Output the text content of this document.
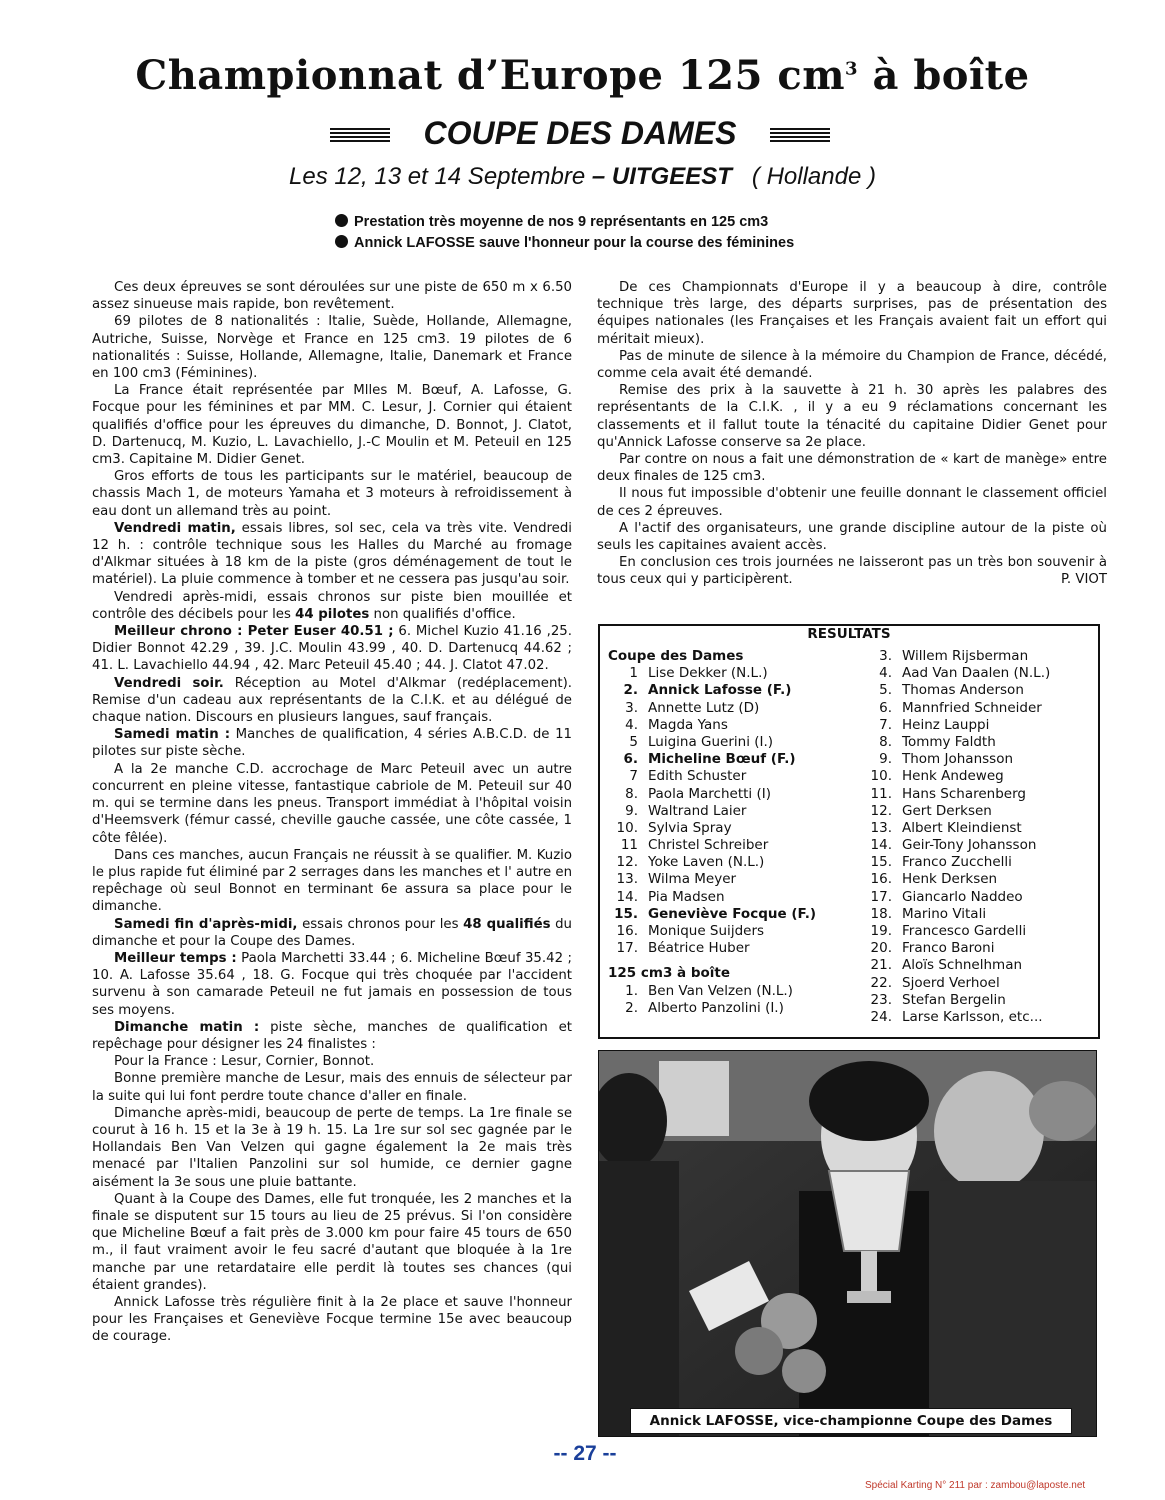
Championnat d’Europe 125 $cm^3$ à boîte
COUPE DES DAMES
Les 12, 13 et 14 Septembre – UITGEEST ( Hollande )
Prestation très moyenne de nos 9 représentants en 125 cm3
Annick LAFOSSE sauve l'honneur pour la course des féminines

Ces deux épreuves se sont déroulées sur une piste de 650 m x 6.50 assez sinueuse mais rapide, bon revêtement.

69 pilotes de 8 nationalités : Italie, Suède, Hollande, Allemagne, Autriche, Suisse, Norvège et France en 125 cm3. 19 pilotes de 6 nationalités : Suisse, Hollande, Allemagne, Italie, Danemark et France en 100 cm3 (Féminines).

La France était représentée par Mlles M. Bœuf, A. Lafosse, G. Focque pour les féminines et par MM. C. Lesur, J. Cornier qui étaient qualifiés d'office pour les épreuves du dimanche, D. Bonnot, J. Clatot, D. Dartenucq, M. Kuzio, L. Lavachiello, J.-C Moulin et M. Peteuil en 125 cm3. Capitaine M. Didier Genet.

Gros efforts de tous les participants sur le matériel, beaucoup de chassis Mach 1, de moteurs Yamaha et 3 moteurs à refroidissement à eau dont un allemand très au point.

Vendredi matin, essais libres, sol sec, cela va très vite. Vendredi 12 h. : contrôle technique sous les Halles du Marché au fromage d'Alkmar situées à 18 km de la piste (gros déménagement de tout le matériel). La pluie commence à tomber et ne cessera pas jusqu'au soir.

Vendredi après-midi, essais chronos sur piste bien mouillée et contrôle des décibels pour les 44 pilotes non qualifiés d'office.

Meilleur chrono : Peter Euser 40.51 ; 6. Michel Kuzio 41.16 ,25. Didier Bonnot 42.29 , 39. J.C. Moulin 43.99 , 40. D. Dartenucq 44.62 ; 41. L. Lavachiello 44.94 , 42. Marc Peteuil 45.40 ; 44. J. Clatot 47.02.

Vendredi soir. Réception au Motel d'Alkmar (redéplacement). Remise d'un cadeau aux représentants de la C.I.K. et au délégué de chaque nation. Discours en plusieurs langues, sauf français.

Samedi matin : Manches de qualification, 4 séries A.B.C.D. de 11 pilotes sur piste sèche.

A la 2e manche C.D. accrochage de Marc Peteuil avec un autre concurrent en pleine vitesse, fantastique cabriole de M. Peteuil sur 40 m. qui se termine dans les pneus. Transport immédiat à l'hôpital voisin d'Heemsverk (fémur cassé, cheville gauche cassée, une côte cassée, 1 côte fêlée).

Dans ces manches, aucun Français ne réussit à se qualifier. M. Kuzio le plus rapide fut éliminé par 2 serrages dans les manches et l' autre en repêchage où seul Bonnot en terminant 6e assura sa place pour le dimanche.

Samedi fin d'après-midi, essais chronos pour les 48 qualifiés du dimanche et pour la Coupe des Dames.

Meilleur temps : Paola Marchetti 33.44 ; 6. Micheline Bœuf 35.42 ; 10. A. Lafosse 35.64 , 18. G. Focque qui très choquée par l'accident survenu à son camarade Peteuil ne fut jamais en possession de tous ses moyens.

Dimanche matin : piste sèche, manches de qualification et repêchage pour désigner les 24 finalistes :

Pour la France : Lesur, Cornier, Bonnot.

Bonne première manche de Lesur, mais des ennuis de sélecteur par la suite qui lui font perdre toute chance d'aller en finale.

Dimanche après-midi, beaucoup de perte de temps. La 1re finale se courut à 16 h. 15 et la 3e à 19 h. 15. La 1re sur sol sec gagnée par le Hollandais Ben Van Velzen qui gagne également la 2e mais très menacé par l'Italien Panzolini sur sol humide, ce dernier gagne aisément la 3e sous une pluie battante.

Quant à la Coupe des Dames, elle fut tronquée, les 2 manches et la finale se disputent sur 15 tours au lieu de 25 prévus. Si l'on considère que Micheline Bœuf a fait près de 3.000 km pour faire 45 tours de 650 m., il faut vraiment avoir le feu sacré d'autant que bloquée à la 1re manche par une retardataire elle perdit là toutes ses chances (qui étaient grandes).

Annick Lafosse très régulière finit à la 2e place et sauve l'honneur pour les Françaises et Geneviève Focque termine 15e avec beaucoup de courage.

De ces Championnats d'Europe il y a beaucoup à dire, contrôle technique très large, des départs surprises, pas de présentation des équipes nationales (les Françaises et les Français avaient fait un effort qui méritait mieux).

Pas de minute de silence à la mémoire du Champion de France, décédé, comme cela avait été demandé.

Remise des prix à la sauvette à 21 h. 30 après les palabres des représentants de la C.I.K. , il y a eu 9 réclamations concernant les classements et il fallut toute la ténacité du capitaine Didier Genet pour qu'Annick Lafosse conserve sa 2e place.

Par contre on nous a fait une démonstration de « kart de manège» entre deux finales de 125 cm3.

Il nous fut impossible d'obtenir une feuille donnant le classement officiel de ces 2 épreuves.

A l'actif des organisateurs, une grande discipline autour de la piste où seuls les capitaines avaient accès.

En conclusion ces trois journées ne laisseront pas un très bon souvenir à tous ceux qui y participèrent.	P. VIOT

RESULTATS
Coupe des Dames
1 Lise Dekker (N.L.)
2. Annick Lafosse (F.)
3. Annette Lutz (D)
4. Magda Yans
5 Luigina Guerini (I.)
6. Micheline Bœuf (F.)
7 Edith Schuster
8. Paola Marchetti (I)
9. Waltrand Laier
10. Sylvia Spray
11 Christel Schreiber
12. Yoke Laven (N.L.)
13. Wilma Meyer
14. Pia Madsen
15. Geneviève Focque (F.)
16. Monique Suijders
17. Béatrice Huber
125 cm3 à boîte
1. Ben Van Velzen (N.L.)
2. Alberto Panzolini (I.)
3. Willem Rijsberman
4. Aad Van Daalen (N.L.)
5. Thomas Anderson
6. Mannfried Schneider
7. Heinz Lauppi
8. Tommy Faldth
9. Thom Johansson
10. Henk Andeweg
11. Hans Scharenberg
12. Gert Derksen
13. Albert Kleindienst
14. Geir-Tony Johansson
15. Franco Zucchelli
16. Henk Derksen
17. Giancarlo Naddeo
18. Marino Vitali
19. Francesco Gardelli
20. Franco Baroni
21. Aloïs Schnelhman
22. Sjoerd Verhoel
23. Stefan Bergelin
24. Larse Karlsson, etc...
Annick LAFOSSE, vice-championne Coupe des Dames
-- 27 --
Spécial Karting N° 211 par : zambou@laposte.net
